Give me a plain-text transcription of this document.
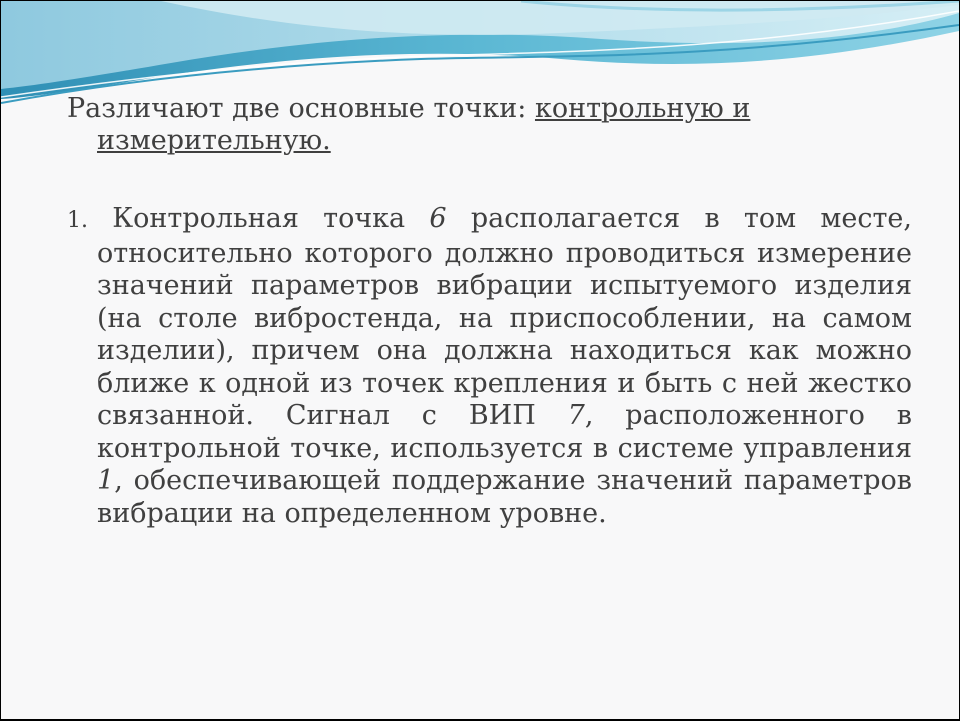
Различают две основные точки: контрольную и измерительную.

1. Контрольная точка 6 располагается в том месте, относительно которого должно проводиться измерение значений параметров вибрации испытуемого изделия (на столе вибростенда, на приспособлении, на самом изделии), причем она должна находиться как можно ближе к одной из точек крепления и быть с ней жестко связанной. Сигнал с ВИП 7, расположенного в контрольной точке, используется в системе управления 1, обеспечивающей поддержание значений параметров вибрации на определенном уровне.
